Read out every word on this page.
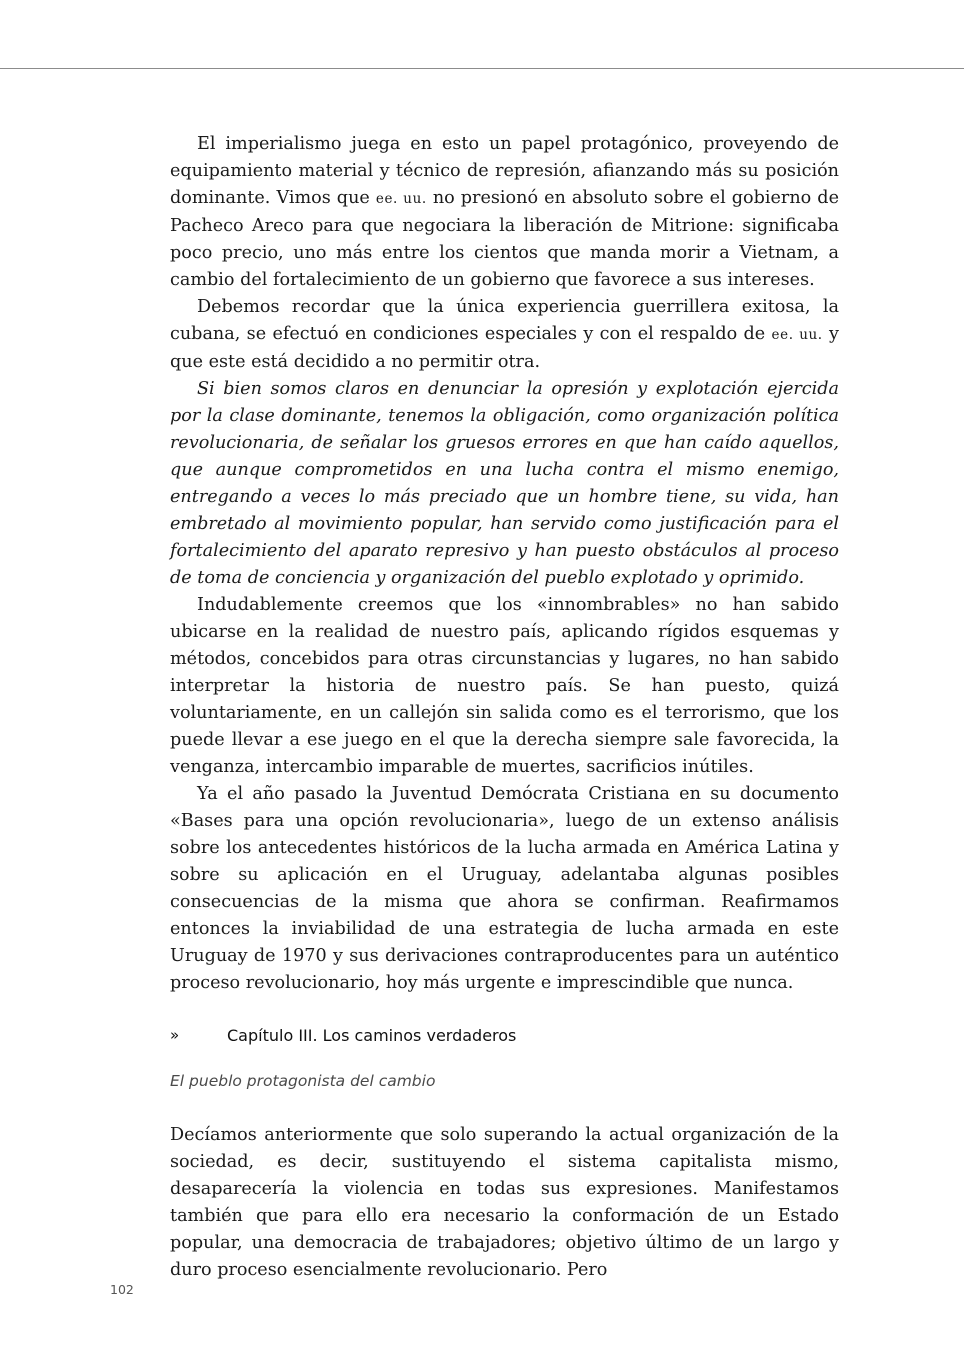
El imperialismo juega en esto un papel protagónico, proveyendo de equipamiento material y técnico de represión, afianzando más su posición dominante. Vimos que ee. uu. no presionó en absoluto sobre el gobierno de Pacheco Areco para que negociara la liberación de Mitrione: significaba poco precio, uno más entre los cientos que manda morir a Vietnam, a cambio del fortalecimiento de un gobierno que favorece a sus intereses.

Debemos recordar que la única experiencia guerrillera exitosa, la cubana, se efectuó en condiciones especiales y con el respaldo de ee. uu. y que este está decidido a no permitir otra.

Si bien somos claros en denunciar la opresión y explotación ejercida por la clase dominante, tenemos la obligación, como organización política revolucionaria, de señalar los gruesos errores en que han caído aquellos, que aunque comprometidos en una lucha contra el mismo enemigo, entregando a veces lo más preciado que un hombre tiene, su vida, han embretado al movimiento popular, han servido como justificación para el fortalecimiento del aparato represivo y han puesto obstáculos al proceso de toma de conciencia y organización del pueblo explotado y oprimido.

Indudablemente creemos que los «innombrables» no han sabido ubicarse en la realidad de nuestro país, aplicando rígidos esquemas y métodos, concebidos para otras circunstancias y lugares, no han sabido interpretar la historia de nuestro país. Se han puesto, quizá voluntariamente, en un callejón sin salida como es el terrorismo, que los puede llevar a ese juego en el que la derecha siempre sale favorecida, la venganza, intercambio imparable de muertes, sacrificios inútiles.

Ya el año pasado la Juventud Demócrata Cristiana en su documento «Bases para una opción revolucionaria», luego de un extenso análisis sobre los antecedentes históricos de la lucha armada en América Latina y sobre su aplicación en el Uruguay, adelantaba algunas posibles consecuencias de la misma que ahora se confirman. Reafirmamos entonces la inviabilidad de una estrategia de lucha armada en este Uruguay de 1970 y sus derivaciones contraproducentes para un auténtico proceso revolucionario, hoy más urgente e imprescindible que nunca.

»	Capítulo III. Los caminos verdaderos
El pueblo protagonista del cambio

Decíamos anteriormente que solo superando la actual organización de la sociedad, es decir, sustituyendo el sistema capitalista mismo, desaparecería la violencia en todas sus expresiones. Manifestamos también que para ello era necesario la conformación de un Estado popular, una democracia de trabajadores; objetivo último de un largo y duro proceso esencialmente revolucionario. Pero

102
